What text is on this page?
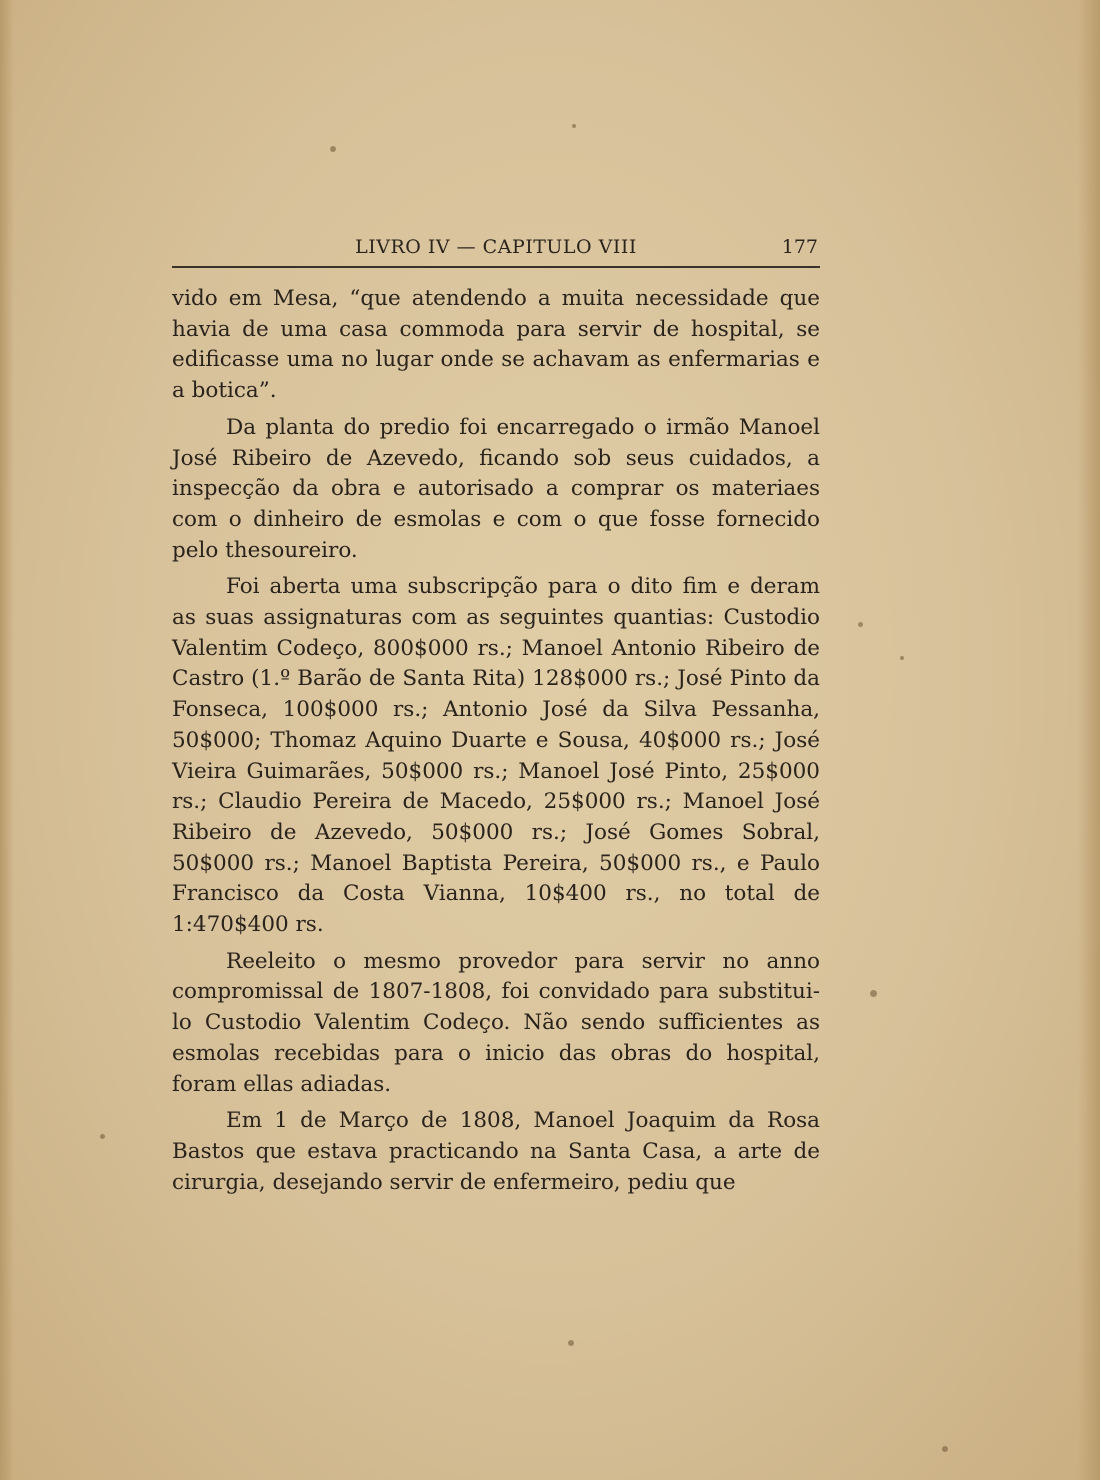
LIVRO IV — CAPITULO VIII	177

vido em Mesa, “que atendendo a muita necessidade que havia de uma casa commoda para servir de hospital, se edificasse uma no lugar onde se achavam as enfermarias e a botica”.

Da planta do predio foi encarregado o irmão Manoel José Ribeiro de Azevedo, ficando sob seus cuidados, a inspecção da obra e autorisado a comprar os materiaes com o dinheiro de esmolas e com o que fosse fornecido pelo thesoureiro.

Foi aberta uma subscripção para o dito fim e deram as suas assignaturas com as seguintes quantias: Custodio Valentim Codeço, 800$000 rs.; Manoel Antonio Ribeiro de Castro (1.º Barão de Santa Rita) 128$000 rs.; José Pinto da Fonseca, 100$000 rs.; Antonio José da Silva Pessanha, 50$000; Thomaz Aquino Duarte e Sousa, 40$000 rs.; José Vieira Guimarães, 50$000 rs.; Manoel José Pinto, 25$000 rs.; Claudio Pereira de Macedo, 25$000 rs.; Manoel José Ribeiro de Azevedo, 50$000 rs.; José Gomes Sobral, 50$000 rs.; Manoel Baptista Pereira, 50$000 rs., e Paulo Francisco da Costa Vianna, 10$400 rs., no total de 1:470$400 rs.

Reeleito o mesmo provedor para servir no anno compromissal de 1807-1808, foi convidado para substitui-lo Custodio Valentim Codeço. Não sendo sufficientes as esmolas recebidas para o inicio das obras do hospital, foram ellas adiadas.

Em 1 de Março de 1808, Manoel Joaquim da Rosa Bastos que estava practicando na Santa Casa, a arte de cirurgia, desejando servir de enfermeiro, pediu que
